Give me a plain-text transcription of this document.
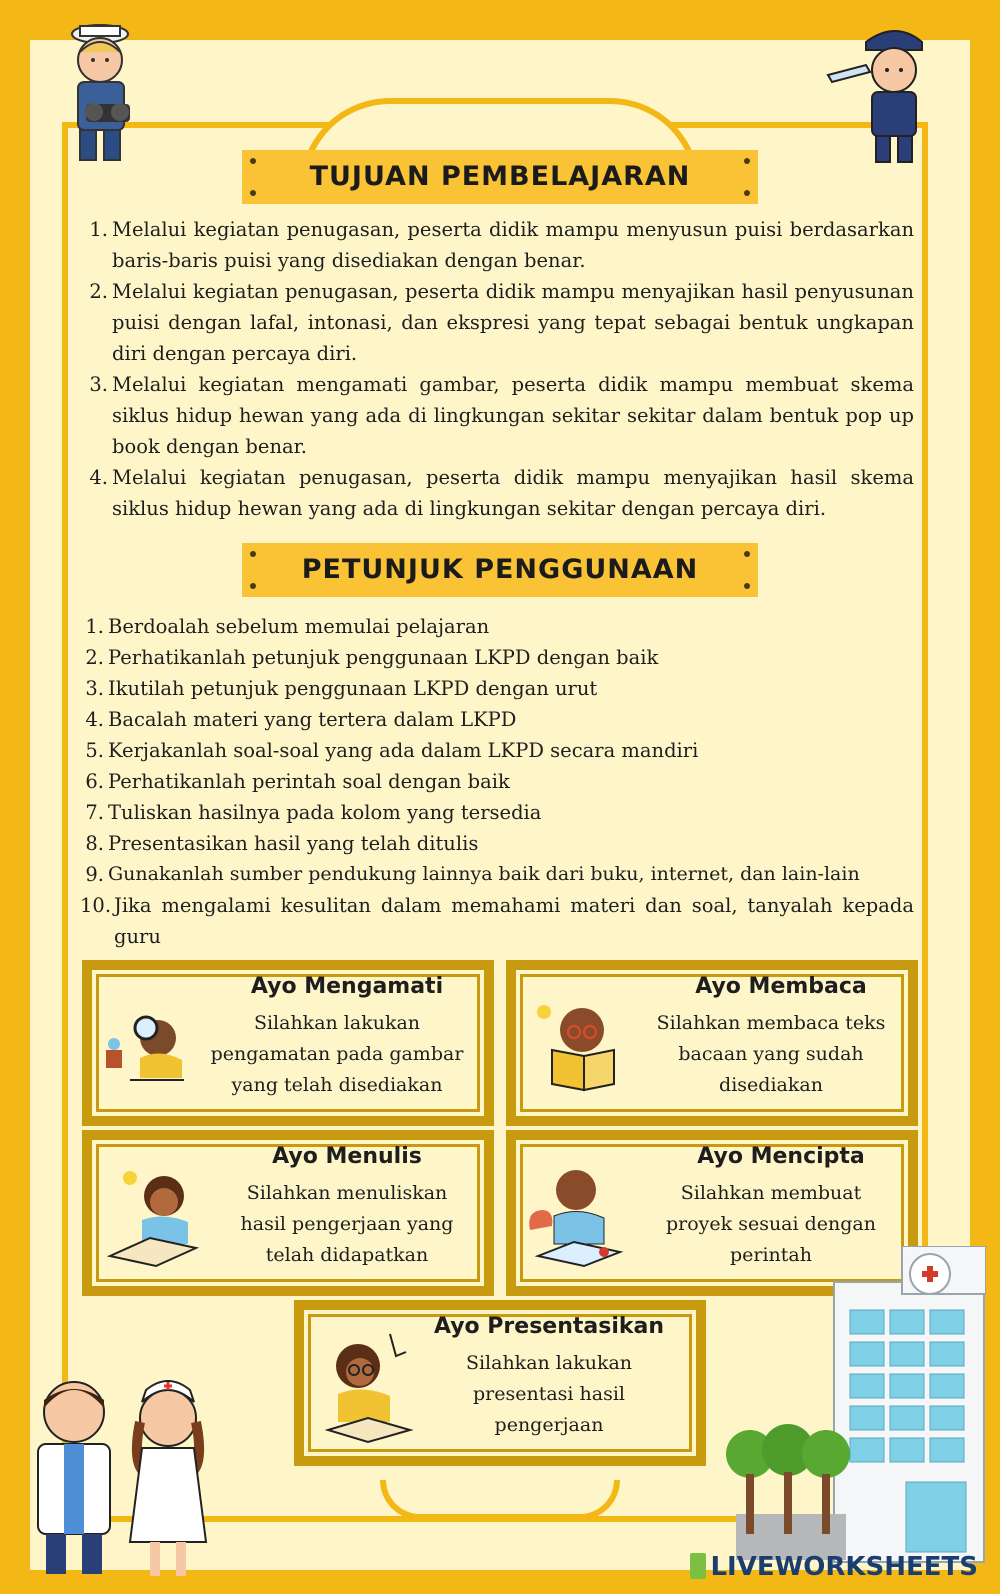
TUJUAN PEMBELAJARAN
1. Melalui kegiatan penugasan, peserta didik mampu menyusun puisi berdasarkan baris-baris puisi yang disediakan dengan benar.
2. Melalui kegiatan penugasan, peserta didik mampu menyajikan hasil penyusunan puisi dengan lafal, intonasi, dan ekspresi yang tepat sebagai bentuk ungkapan diri dengan percaya diri.
3. Melalui kegiatan mengamati gambar, peserta didik mampu membuat skema siklus hidup hewan yang ada di lingkungan sekitar sekitar dalam bentuk pop up book dengan benar.
4. Melalui kegiatan penugasan, peserta didik mampu menyajikan hasil skema siklus hidup hewan yang ada di lingkungan sekitar dengan percaya diri.
PETUNJUK PENGGUNAAN
1. Berdoalah sebelum memulai pelajaran
2. Perhatikanlah petunjuk penggunaan LKPD dengan baik
3. Ikutilah petunjuk penggunaan LKPD dengan urut
4. Bacalah materi yang tertera dalam LKPD
5. Kerjakanlah soal-soal yang ada dalam LKPD secara mandiri
6. Perhatikanlah perintah soal dengan baik
7. Tuliskan hasilnya pada kolom yang tersedia
8. Presentasikan hasil yang telah ditulis
9. Gunakanlah sumber pendukung lainnya baik dari buku, internet, dan lain-lain
10. Jika mengalami kesulitan dalam memahami materi dan soal, tanyalah kepada guru
Ayo Mengamati
Silahkan lakukan
pengamatan pada gambar
yang telah disediakan
Ayo Membaca
Silahkan membaca teks
bacaan yang sudah
disediakan
Ayo Menulis
Silahkan menuliskan
hasil pengerjaan yang
telah didapatkan
Ayo Mencipta
Silahkan membuat
proyek sesuai dengan
perintah
Ayo Presentasikan
Silahkan lakukan
presentasi hasil
pengerjaan
LIVEWORKSHEETS
